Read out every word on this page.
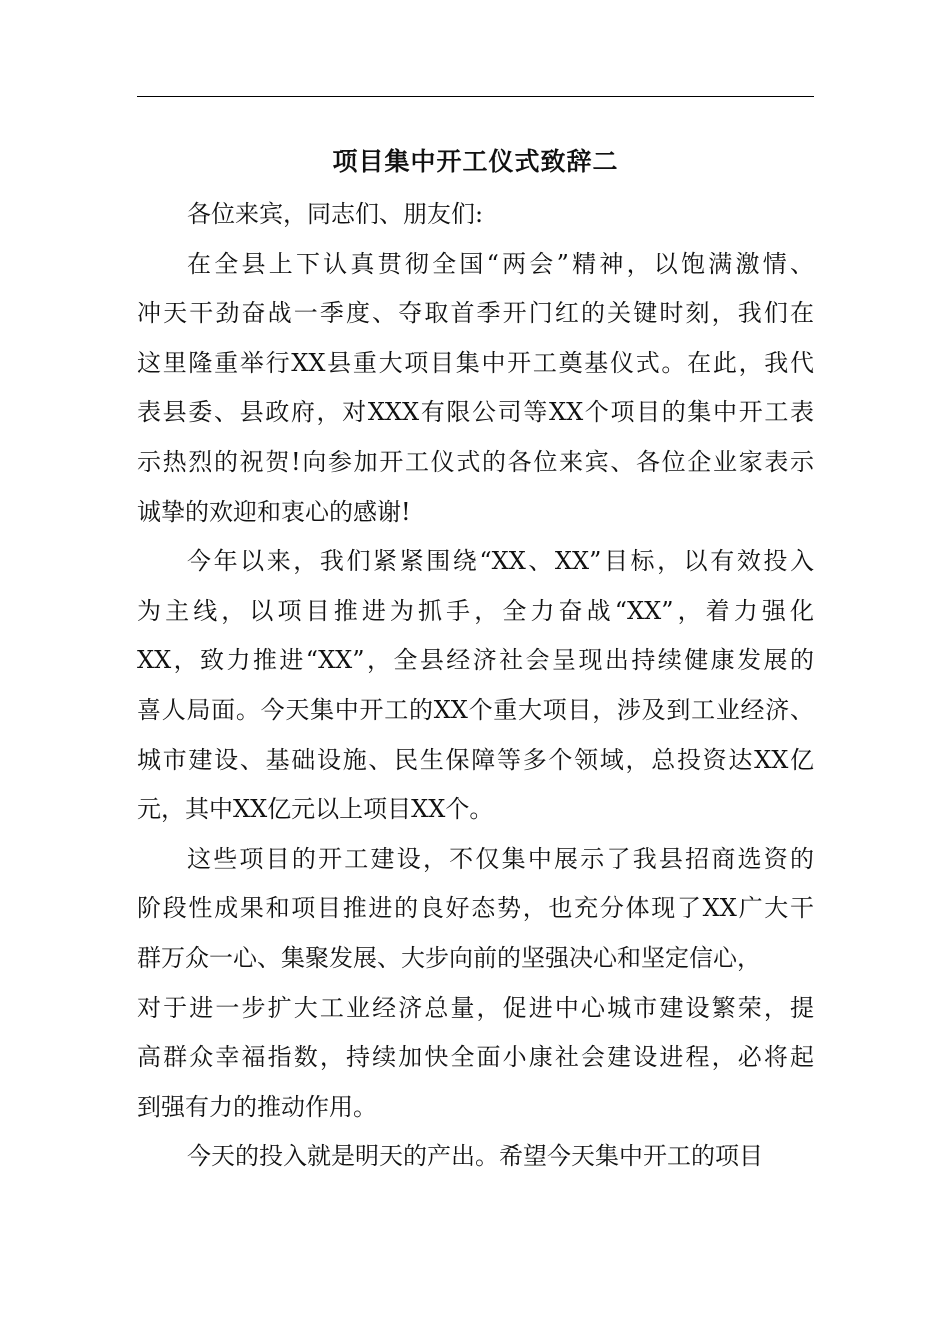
项目集中开工仪式致辞二
各位来宾，同志们、朋友们:
在全县上下认真贯彻全国“两会”精神，以饱满激情、
冲天干劲奋战一季度、夺取首季开门红的关键时刻，我们在
这里隆重举行XX县重大项目集中开工奠基仪式。在此，我代
表县委、县政府，对XXX有限公司等XX个项目的集中开工表
示热烈的祝贺!向参加开工仪式的各位来宾、各位企业家表示
诚挚的欢迎和衷心的感谢!
今年以来，我们紧紧围绕“XX、XX”目标，以有效投入
为主线，以项目推进为抓手，全力奋战“XX”，着力强化
XX，致力推进“XX”，全县经济社会呈现出持续健康发展的
喜人局面。今天集中开工的XX个重大项目，涉及到工业经济、
城市建设、基础设施、民生保障等多个领域，总投资达XX亿
元，其中XX亿元以上项目XX个。
这些项目的开工建设，不仅集中展示了我县招商选资的
阶段性成果和项目推进的良好态势，也充分体现了XX广大干
群万众一心、集聚发展、大步向前的坚强决心和坚定信心，
对于进一步扩大工业经济总量，促进中心城市建设繁荣，提
高群众幸福指数，持续加快全面小康社会建设进程，必将起
到强有力的推动作用。
今天的投入就是明天的产出。希望今天集中开工的项目
